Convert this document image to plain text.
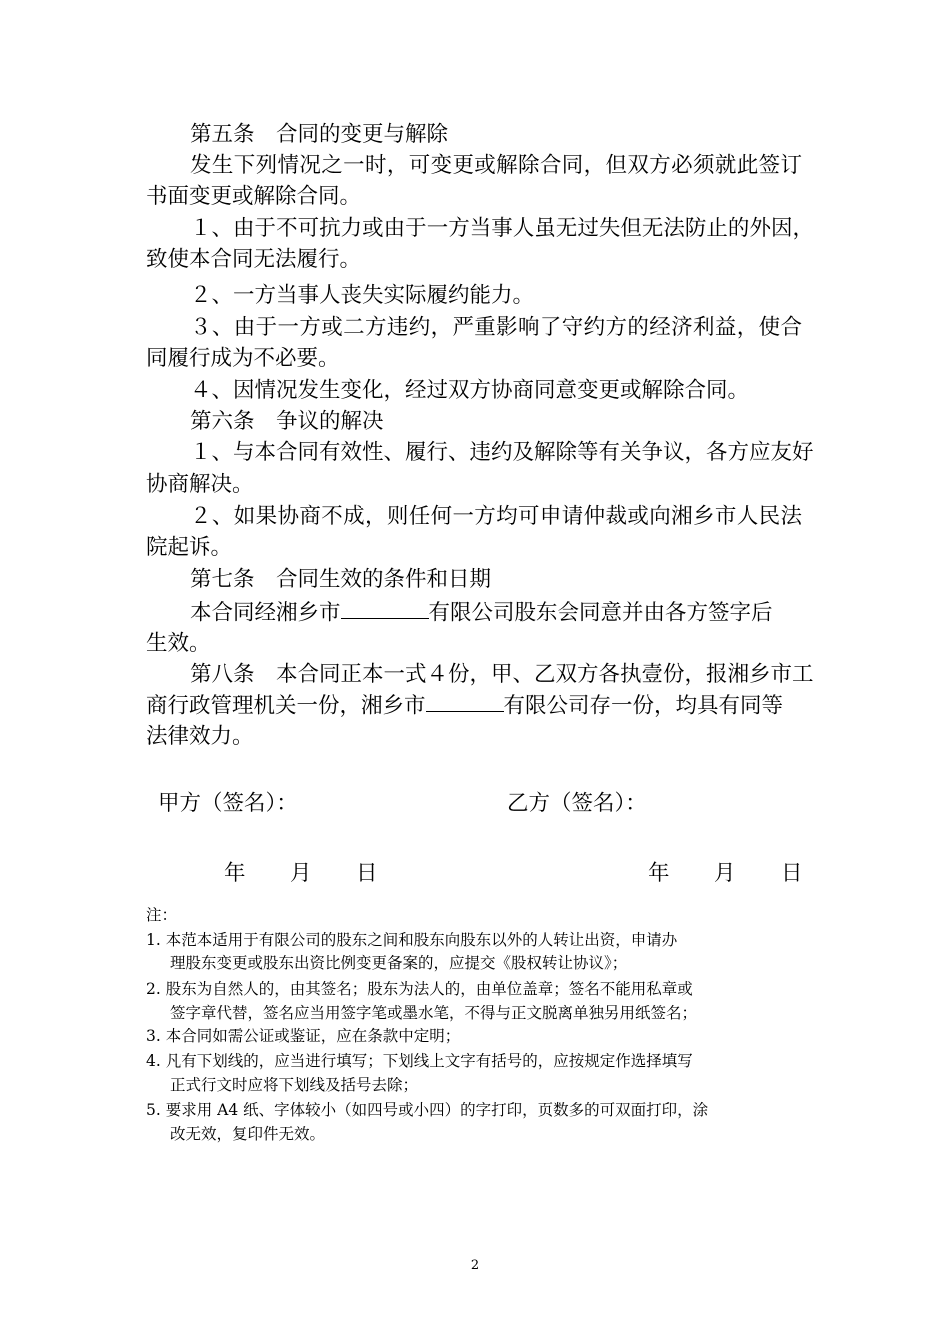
第五条　合同的变更与解除
发生下列情况之一时，可变更或解除合同，但双方必须就此签订
书面变更或解除合同。
１、由于不可抗力或由于一方当事人虽无过失但无法防止的外因，
致使本合同无法履行。
２、一方当事人丧失实际履约能力。
３、由于一方或二方违约，严重影响了守约方的经济利益，使合
同履行成为不必要。
４、因情况发生变化，经过双方协商同意变更或解除合同。
第六条　争议的解决
１、与本合同有效性、履行、违约及解除等有关争议，各方应友好
协商解决。
２、如果协商不成，则任何一方均可申请仲裁或向湘乡市人民法
院起诉。
第七条　合同生效的条件和日期
本合同经湘乡市	有限公司股东会同意并由各方签字后
生效。
第八条　本合同正本一式４份，甲、乙双方各执壹份，报湘乡市工
商行政管理机关一份，湘乡市	有限公司存一份，均具有同等
法律效力。
甲方（签名）：	乙方（签名）：
年 月 日	年 月 日
注：
1. 本范本适用于有限公司的股东之间和股东向股东以外的人转让出资，申请办
理股东变更或股东出资比例变更备案的，应提交《股权转让协议》；
2. 股东为自然人的，由其签名；股东为法人的，由单位盖章；签名不能用私章或
签字章代替，签名应当用签字笔或墨水笔，不得与正文脱离单独另用纸签名；
3. 本合同如需公证或鉴证，应在条款中定明；
4. 凡有下划线的，应当进行填写；下划线上文字有括号的，应按规定作选择填写
正式行文时应将下划线及括号去除；
5. 要求用 A4 纸、字体较小（如四号或小四）的字打印，页数多的可双面打印，涂
改无效，复印件无效。
2
